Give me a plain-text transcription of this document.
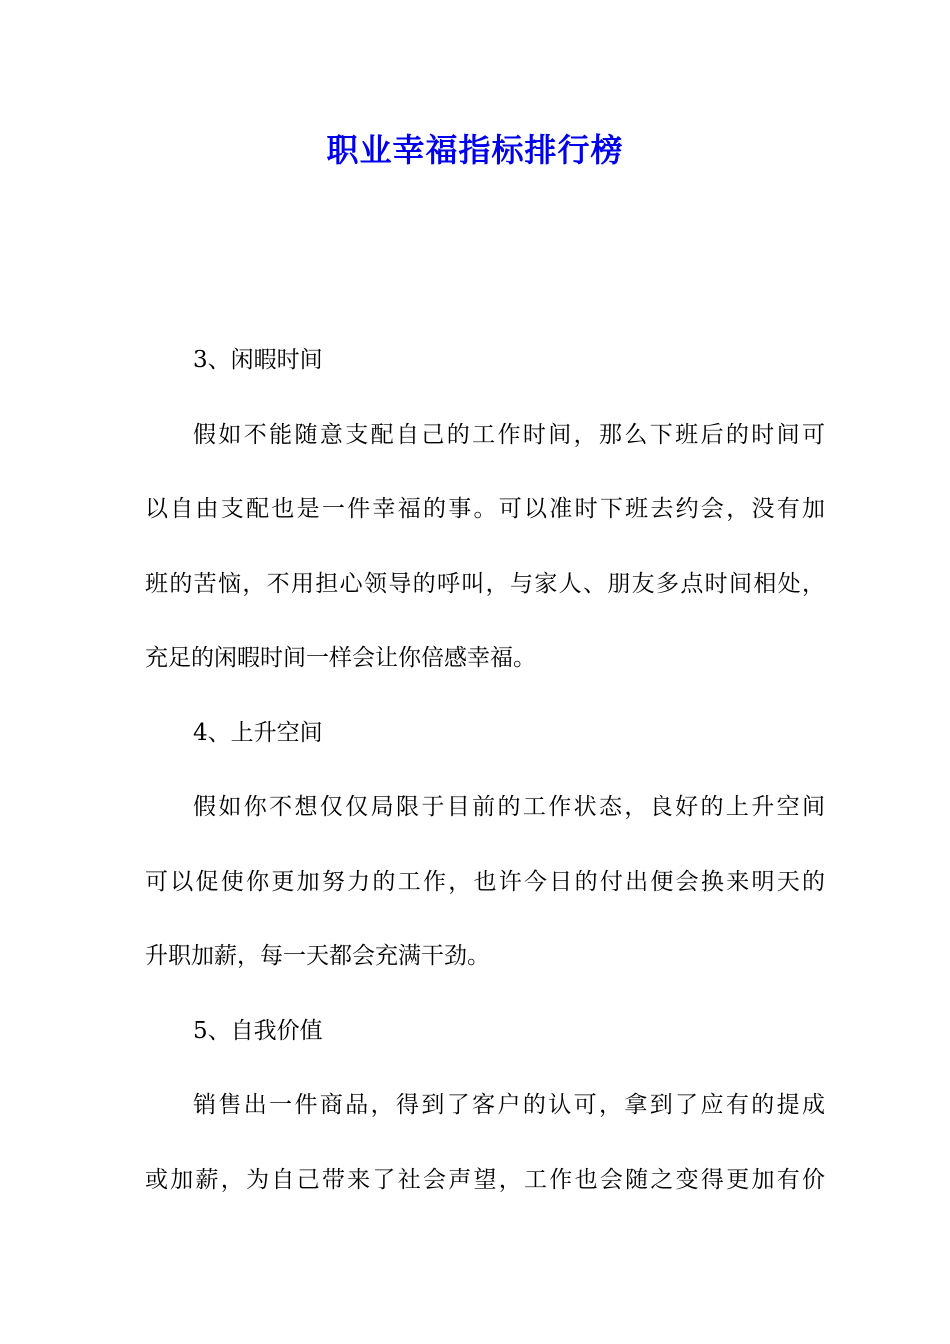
职业幸福指标排行榜

3、闲暇时间

假如不能随意支配自己的工作时间，那么下班后的时间可

以自由支配也是一件幸福的事。可以准时下班去约会，没有加

班的苦恼，不用担心领导的呼叫，与家人、朋友多点时间相处，

充足的闲暇时间一样会让你倍感幸福。

4、上升空间

假如你不想仅仅局限于目前的工作状态，良好的上升空间

可以促使你更加努力的工作，也许今日的付出便会换来明天的

升职加薪，每一天都会充满干劲。

5、自我价值

销售出一件商品，得到了客户的认可，拿到了应有的提成

或加薪，为自己带来了社会声望，工作也会随之变得更加有价
